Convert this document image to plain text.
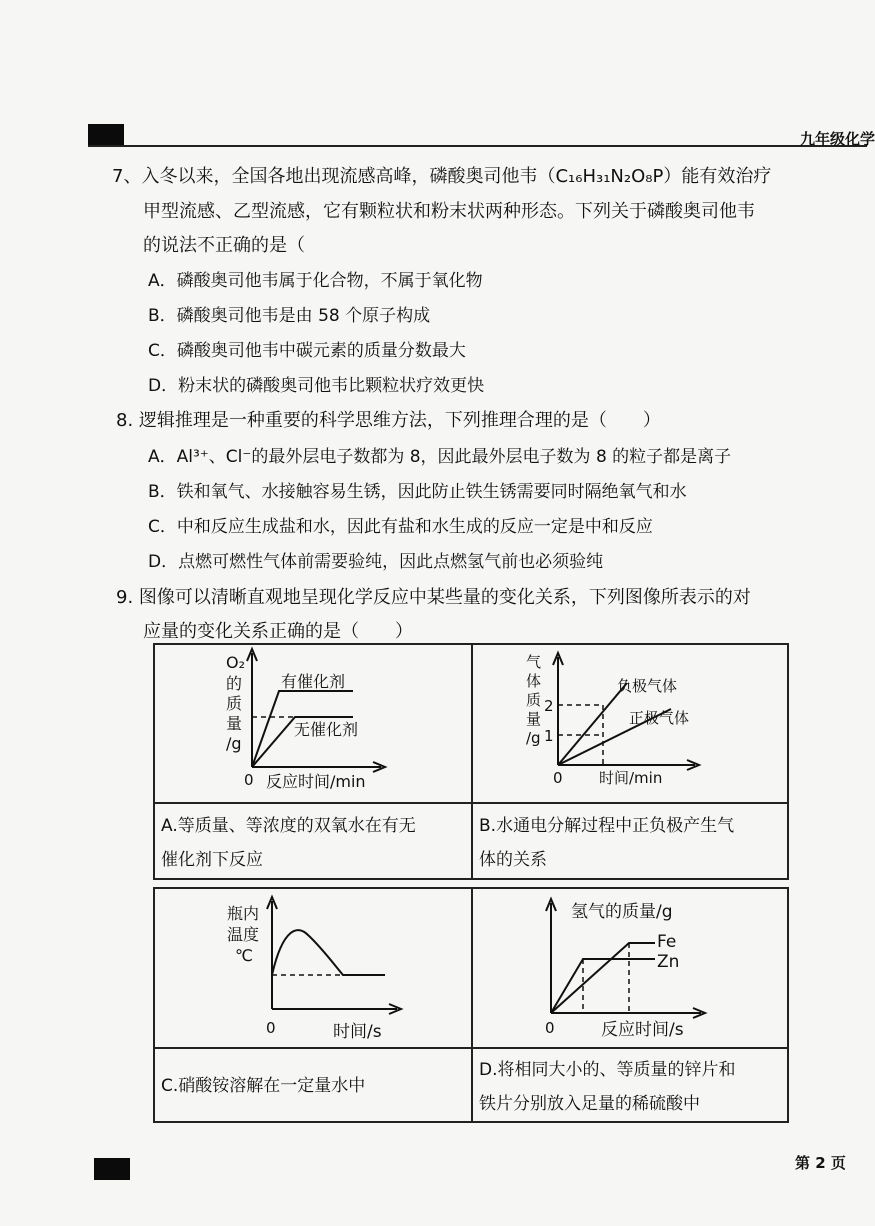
九年级化学
7、入冬以来，全国各地出现流感高峰，磷酸奥司他韦（C₁₆H₃₁N₂O₈P）能有效治疗
甲型流感、乙型流感，它有颗粒状和粉末状两种形态。下列关于磷酸奥司他韦
的说法不正确的是（
A．磷酸奥司他韦属于化合物，不属于氧化物
B．磷酸奥司他韦是由 58 个原子构成
C．磷酸奥司他韦中碳元素的质量分数最大
D．粉末状的磷酸奥司他韦比颗粒状疗效更快
8. 逻辑推理是一种重要的科学思维方法，下列推理合理的是（　　）
A．Al³⁺、Cl⁻的最外层电子数都为 8，因此最外层电子数为 8 的粒子都是离子
B．铁和氧气、水接触容易生锈，因此防止铁生锈需要同时隔绝氧气和水
C．中和反应生成盐和水，因此有盐和水生成的反应一定是中和反应
D．点燃可燃性气体前需要验纯，因此点燃氢气前也必须验纯
9. 图像可以清晰直观地呈现化学反应中某些量的变化关系，下列图像所表示的对
应量的变化关系正确的是（　　）
O₂
的
质
量
/g
0 反应时间/min
有催化剂
无催化剂
气
体
质
量
/g
2
1
0 时间/min
负极气体
正极气体
A.等质量、等浓度的双氧水在有无
催化剂下反应
B.水通电分解过程中正负极产生气
体的关系
瓶内
温度
℃
0	时间/s
氢气的质量/g
0	反应时间/s
Fe
Zn
C.硝酸铵溶解在一定量水中
D.将相同大小的、等质量的锌片和
铁片分别放入足量的稀硫酸中
第 2 页
